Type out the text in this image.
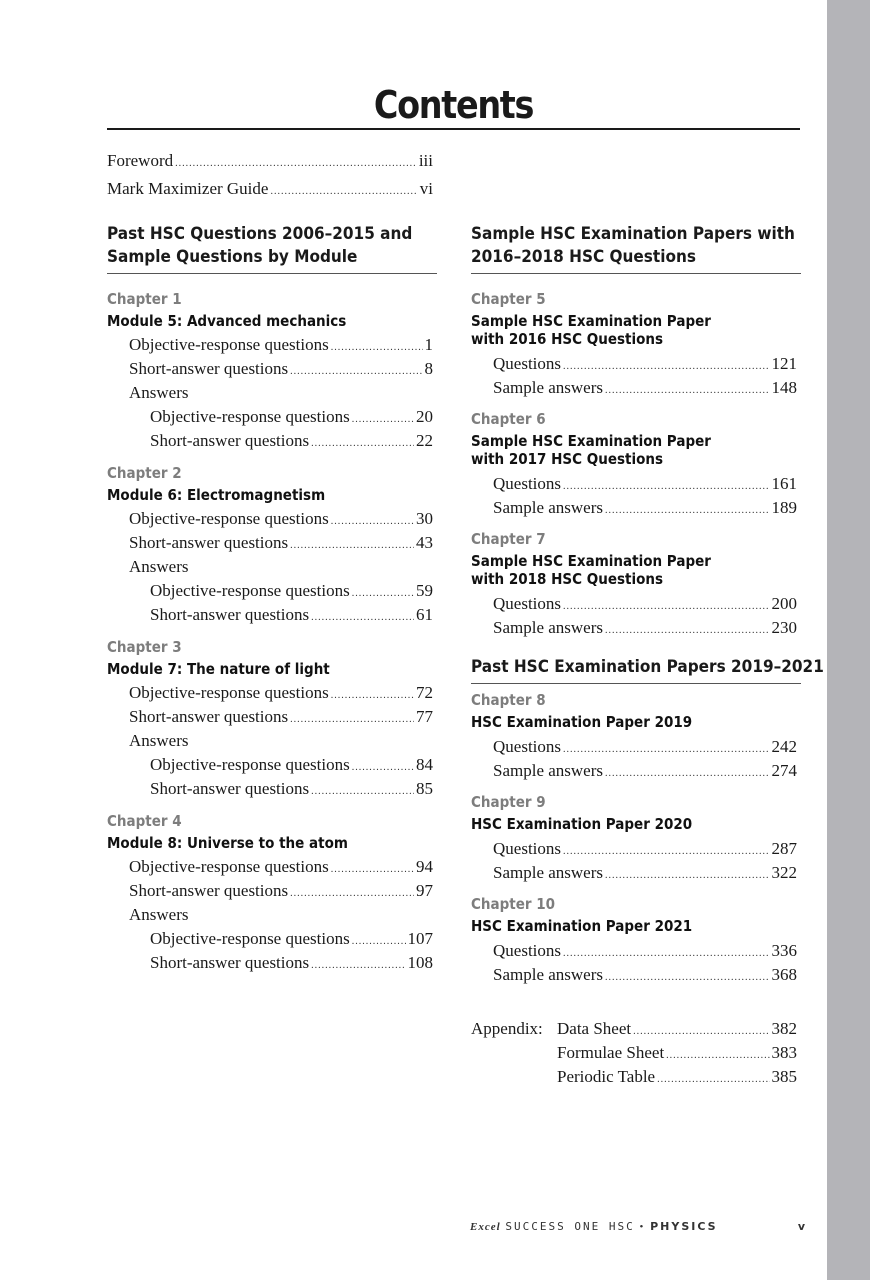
Contents
Foreword .....	iii
Mark Maximizer Guide .....	vi
Past HSC Questions 2006–2015 and
Sample Questions by Module
Chapter 1
Module 5: Advanced mechanics
Objective-response questions .....	1
Short-answer questions .....	8
Answers
Objective-response questions .....	20
Short-answer questions .....	22
Chapter 2
Module 6: Electromagnetism
Objective-response questions .....	30
Short-answer questions .....	43
Answers
Objective-response questions .....	59
Short-answer questions .....	61
Chapter 3
Module 7: The nature of light
Objective-response questions .....	72
Short-answer questions .....	77
Answers
Objective-response questions .....	84
Short-answer questions .....	85
Chapter 4
Module 8: Universe to the atom
Objective-response questions .....	94
Short-answer questions .....	97
Answers
Objective-response questions .....	107
Short-answer questions .....	108
Sample HSC Examination Papers with
2016–2018 HSC Questions
Chapter 5
Sample HSC Examination Paper
with 2016 HSC Questions
Questions .....	121
Sample answers .....	148
Chapter 6
Sample HSC Examination Paper
with 2017 HSC Questions
Questions .....	161
Sample answers .....	189
Chapter 7
Sample HSC Examination Paper
with 2018 HSC Questions
Questions .....	200
Sample answers .....	230
Past HSC Examination Papers 2019–2021
Chapter 8
HSC Examination Paper 2019
Questions .....	242
Sample answers .....	274
Chapter 9
HSC Examination Paper 2020
Questions .....	287
Sample answers .....	322
Chapter 10
HSC Examination Paper 2021
Questions .....	336
Sample answers .....	368
Appendix: Data Sheet .....	382
Formulae Sheet .....	383
Periodic Table .....	385
Excel SUCCESS ONE HSC • PHYSICS	v
